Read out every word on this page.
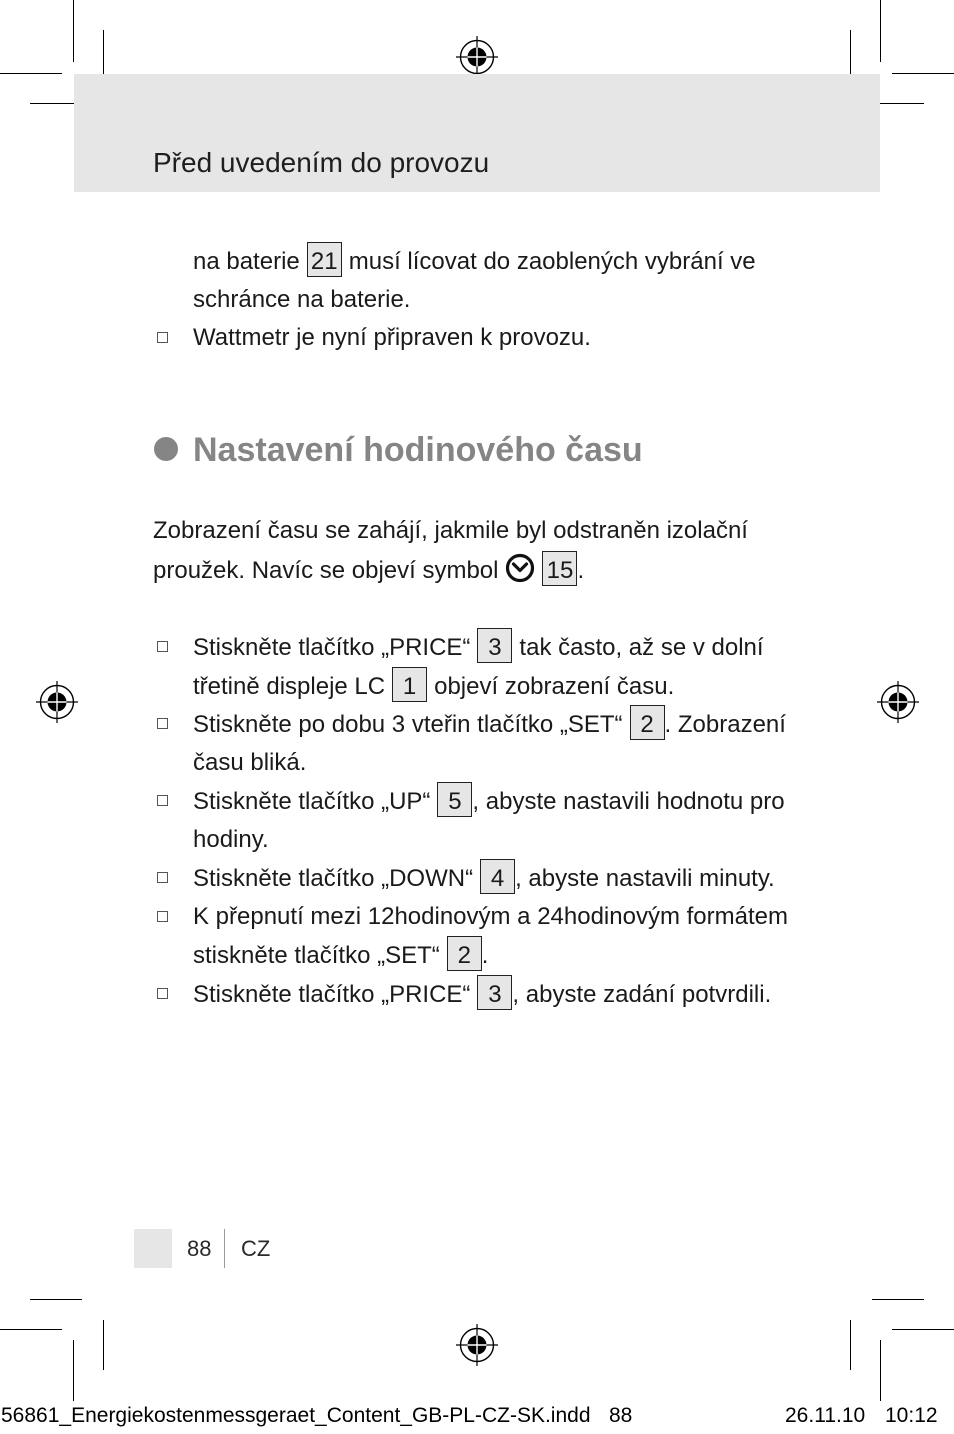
Před uvedením do provozu
na baterie 21 musí lícovat do zaoblených vybrání ve
schránce na baterie.
Wattmetr je nyní připraven k provozu.
Nastavení hodinového času
Zobrazení času se zahájí, jakmile byl odstraněn izolační
proužek. Navíc se objeví symbol 15 .
Stiskněte tlačítko „PRICE“ 3 tak často, až se v dolní
třetině displeje LC 1 objeví zobrazení času.
Stiskněte po dobu 3 vteřin tlačítko „SET“ 2 . Zobrazení
času bliká.
Stiskněte tlačítko „UP“ 5 , abyste nastavili hodnotu pro
hodiny.
Stiskněte tlačítko „DOWN“ 4 , abyste nastavili minuty.
K přepnutí mezi 12hodinovým a 24hodinovým formátem
stiskněte tlačítko „SET“ 2 .
Stiskněte tlačítko „PRICE“ 3 , abyste zadání potvrdili.
88 CZ
56861_Energiekostenmessgeraet_Content_GB-PL-CZ-SK.indd 88	26.11.10 10:12
